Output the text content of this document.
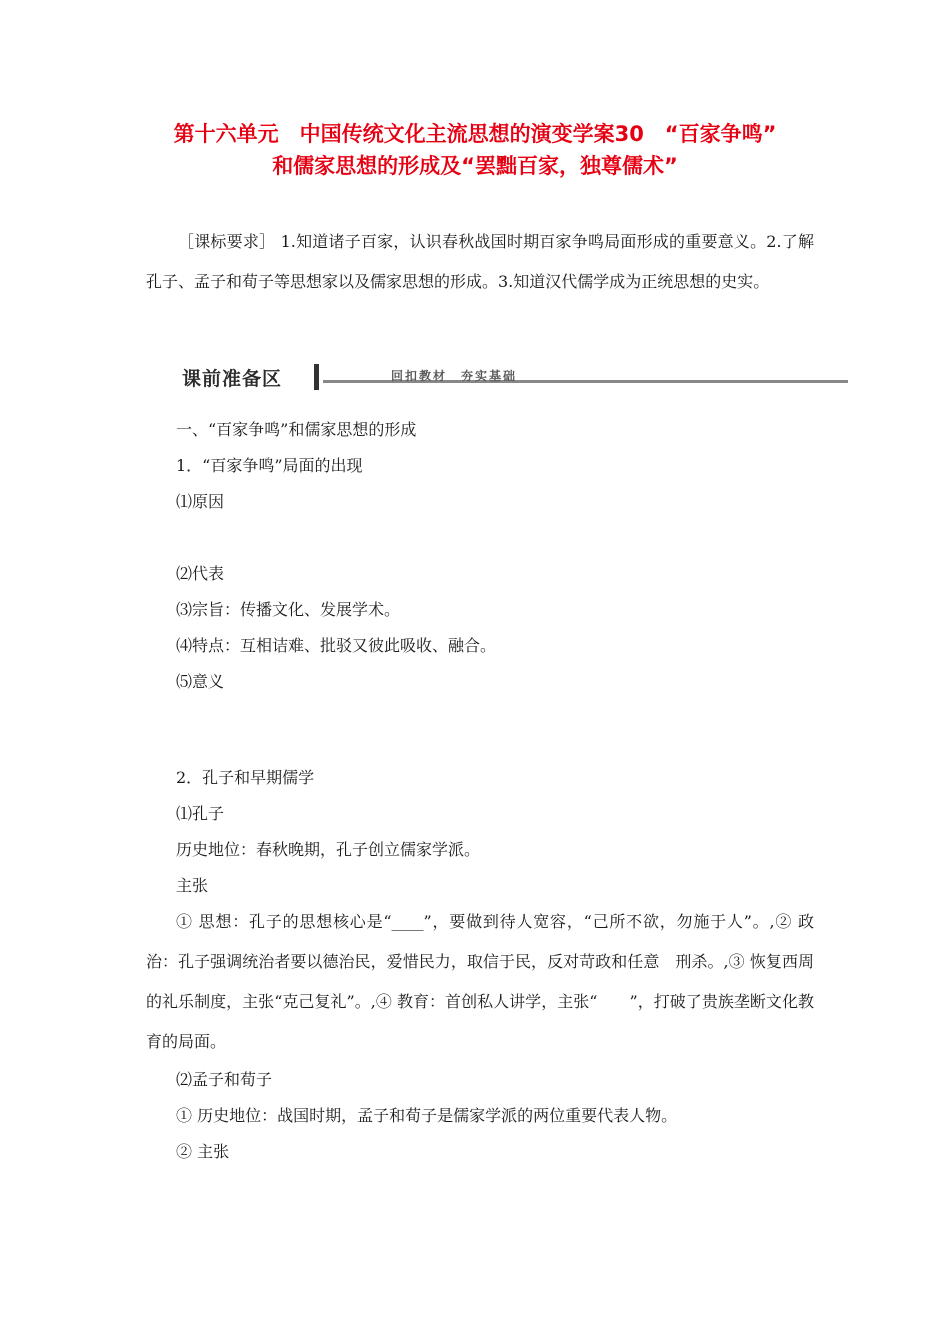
第十六单元　中国传统文化主流思想的演变学案30　“百家争鸣”
和儒家思想的形成及“罢黜百家，独尊儒术”
［课标要求］ 1.知道诸子百家，认识春秋战国时期百家争鸣局面形成的重要意义。2.了解孔子、孟子和荀子等思想家以及儒家思想的形成。3.知道汉代儒学成为正统思想的史实。
课前准备区	回扣教材　夯实基础
一、“百家争鸣”和儒家思想的形成
1．“百家争鸣”局面的出现
⑴原因
⑵代表
⑶宗旨：传播文化、发展学术。
⑷特点：互相诘难、批驳又彼此吸收、融合。
⑸意义
2．孔子和早期儒学
⑴孔子
历史地位：春秋晚期，孔子创立儒家学派。
主张
① 思想：孔子的思想核心是“____”，要做到待人宽容，“己所不欲，勿施于人”。,② 政治：孔子强调统治者要以德治民，爱惜民力，取信于民，反对苛政和任意　刑杀。,③ 恢复西周的礼乐制度，主张“克己复礼”。,④ 教育：首创私人讲学，主张“　　”，打破了贵族垄断文化教育的局面。
⑵孟子和荀子
① 历史地位：战国时期，孟子和荀子是儒家学派的两位重要代表人物。
② 主张
